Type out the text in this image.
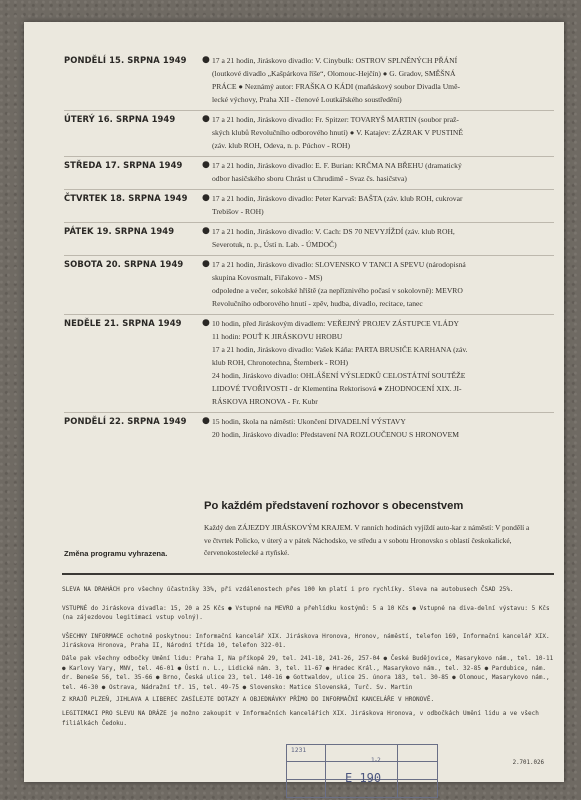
PONDĚLÍ 15. SRPNA 1949	● 17 a 21 hodin, Jiráskovo divadlo: V. Cinybulk: OSTROV SPLNĚNÝCH PŘÁNÍ
(loutkové divadlo „Kašpárkova říše“, Olomouc-Hejčín) ● G. Gradov, SMĚŠNÁ
PRÁCE ● Neznámý autor: FRAŠKA O KÁDI (maňáskový soubor Divadla Umě-
lecké výchovy, Praha XII - členové Loutkářského soustředění)
ÚTERÝ 16. SRPNA 1949	● 17 a 21 hodin, Jiráskovo divadlo: Fr. Spitzer: TOVARYŠ MARTIN (soubor praž-
ských klubů Revolučního odborového hnutí) ● V. Katajev: ZÁZRAK V PUSTINĚ
(záv. klub ROH, Odeva, n. p. Púchov - ROH)
STŘEDA 17. SRPNA 1949	● 17 a 21 hodin, Jiráskovo divadlo: E. F. Burian: KRČMA NA BŘEHU (dramatický
odbor hasičského sboru Chrást u Chrudimě - Svaz čs. hasičstva)
ČTVRTEK 18. SRPNA 1949	● 17 a 21 hodin, Jiráskovo divadlo: Peter Karvaš: BAŠTA (záv. klub ROH, cukrovar
Trebišov - ROH)
PÁTEK 19. SRPNA 1949	● 17 a 21 hodin, Jiráskovo divadlo: V. Cach: DS 70 NEVYJÍŽDÍ (záv. klub ROH,
Severotuk, n. p., Ústí n. Lab. - ÚMDOČ)
SOBOTA 20. SRPNA 1949	● 17 a 21 hodin, Jiráskovo divadlo: SLOVENSKO V TANCI A SPEVU (národopisná
skupina Kovosmalt, Fiľakovo - MS)
odpoledne a večer, sokolské hřiště (za nepříznivého počasí v sokolovně): MEVRO
Revolučního odborového hnutí - zpěv, hudba, divadlo, recitace, tanec
NEDĚLE 21. SRPNA 1949	● 10 hodin, před Jiráskovým divadlem: VEŘEJNÝ PROJEV ZÁSTUPCE VLÁDY
11 hodin: POUŤ K JIRÁSKOVU HROBU
17 a 21 hodin, Jiráskovo divadlo: Vašek Káňa: PARTA BRUSIČE KARHANA (záv.
klub ROH, Chronotechna, Šternberk - ROH)
24 hodin, Jiráskovo divadlo: OHLÁŠENÍ VÝSLEDKŮ CELOSTÁTNÍ SOUTĚŽE
LIDOVÉ TVOŘIVOSTI - dr Klementina Rektorisová ● ZHODNOCENÍ XIX. JI-
RÁSKOVA HRONOVA - Fr. Kubr
PONDĚLÍ 22. SRPNA 1949	● 15 hodin, škola na náměstí: Ukončení DIVADELNÍ VÝSTAVY
20 hodin, Jiráskovo divadlo: Představení NA ROZLOUČENOU S HRONOVEM
Po každém představení rozhovor s obecenstvem
Každý den ZÁJEZDY JIRÁSKOVÝM KRAJEM. V ranních hodinách vyjíždí auto-kar z náměstí: V pondělí a ve čtvrtek Policko, v úterý a v pátek Náchodsko, ve středu a v sobotu Hronovsko s oblastí českokalické, červenokostelecké a rtyňské.
Změna programu vyhrazena.

SLEVA NA DRAHÁCH pro všechny účastníky 33%, při vzdálenostech přes 100 km platí i pro rychlíky. Sleva na autobusech ČSAD 25%.

VSTUPNÉ do Jiráskova divadla: 15, 20 a 25 Kčs ● Vstupné na MEVRO a přehlídku kostýmů: 5 a 10 Kčs ● Vstupné na diva-delní výstavu: 5 Kčs (na zájezdovou legitimaci vstup volný).

VŠECHNY INFORMACE ochotně poskytnou: Informační kancelář XIX. Jiráskova Hronova, Hronov, náměstí, telefon 169, Informační kancelář XIX. Jiráskova Hronova, Praha II, Národní třída 10, telefon 322-01.

Dále pak všechny odbočky Umění lidu: Praha I, Na příkopě 29, tel. 241-18, 241-26, 257-04 ● České Budějovice, Masarykovo nám., tel. 10-11 ● Karlovy Vary, MNV, tel. 46-01 ● Ústí n. L., Lidické nám. 3, tel. 11-67 ● Hradec Král., Masarykovo nám., tel. 32-85 ● Pardubice, nám. dr. Beneše 56, tel. 35-66 ● Brno, Česká ulice 23, tel. 140-16 ● Gottwaldov, ulice 25. února 183, tel. 30-85 ● Olomouc, Masarykovo nám., tel. 46-30 ● Ostrava, Nádražní tř. 15, tel. 49-75 ● Slovensko: Matice Slovenská, Turč. Sv. Martin

Z KRAJŮ PLZEŇ, JIHLAVA A LIBEREC ZASÍLEJTE DOTAZY A OBJEDNÁVKY PŘÍMO DO INFORMAČNÍ KANCELÁŘE V HRONOVĚ.

LEGITIMACI PRO SLEVU NA DRÁZE je možno zakoupit v Informačních kancelářích XIX. Jiráskova Hronova, v odbočkách Umění lidu a ve všech filiálkách Čedoku.

1231
1-2
E 190
2.701.026
